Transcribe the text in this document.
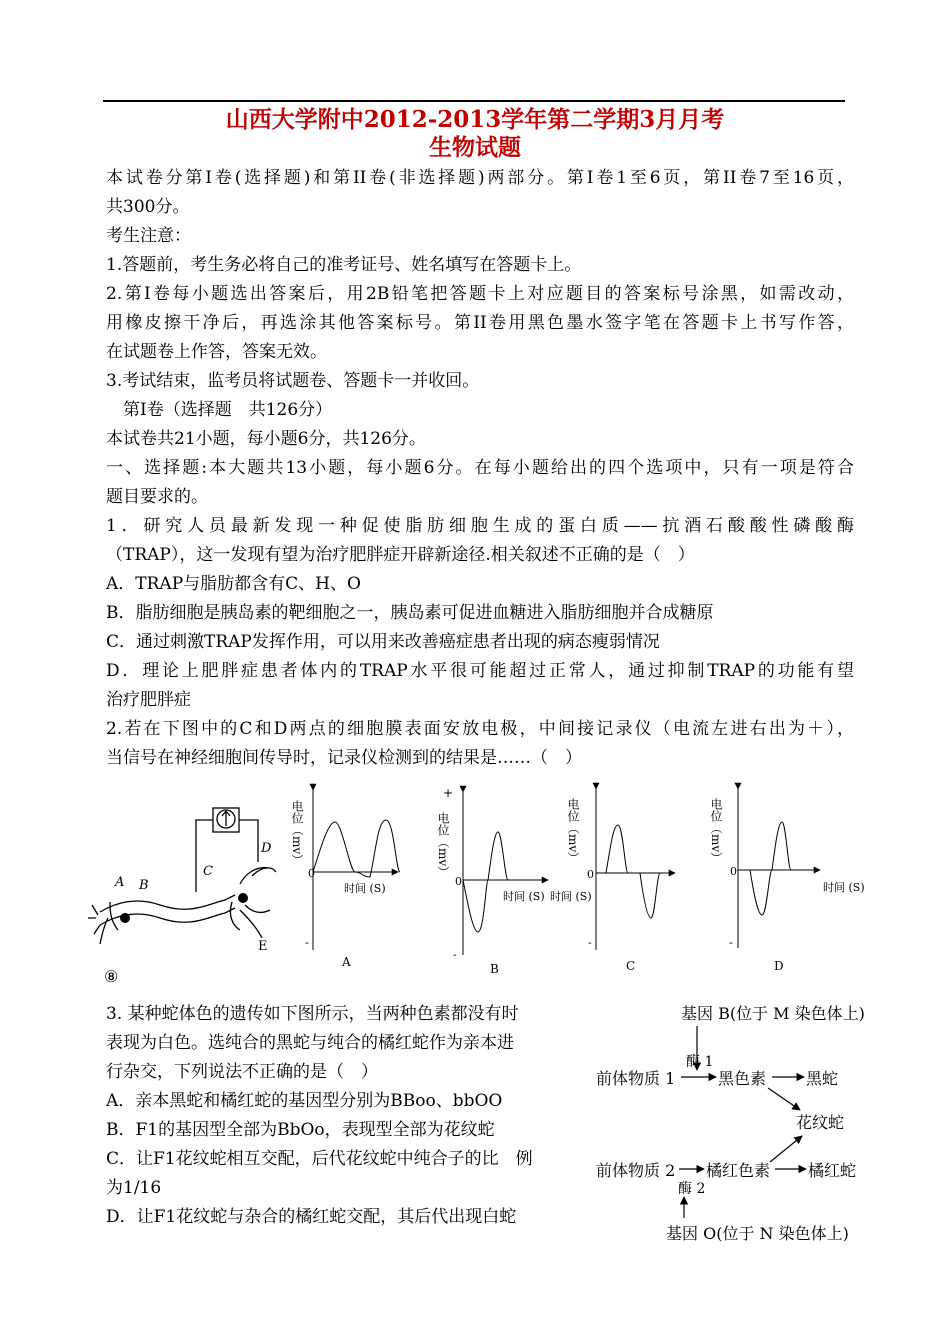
山西大学附中2012-2013学年第二学期3月月考
生物试题
本试卷分第I卷(选择题)和第II卷(非选择题)两部分。第I卷1至6页，第II卷7至16页，
共300分。
考生注意：
1.答题前，考生务必将自己的准考证号、姓名填写在答题卡上。
2.第I卷每小题选出答案后，用2B铅笔把答题卡上对应题目的答案标号涂黑，如需改动，
用橡皮擦干净后，再选涂其他答案标号。第II卷用黑色墨水签字笔在答题卡上书写作答，
在试题卷上作答，答案无效。
3.考试结束，监考员将试题卷、答题卡一并收回。
第I卷（选择题　共126分）
本试卷共21小题，每小题6分，共126分。
一、选择题:本大题共13小题，每小题6分。在每小题给出的四个选项中，只有一项是符合
题目要求的。
1．研究人员最新发现一种促使脂肪细胞生成的蛋白质——抗酒石酸酸性磷酸酶
（TRAP），这一发现有望为治疗肥胖症开辟新途径.相关叙述不正确的是（　）
A．TRAP与脂肪都含有C、H、O
B．脂肪细胞是胰岛素的靶细胞之一，胰岛素可促进血糖进入脂肪细胞并合成糖原
C．通过刺激TRAP发挥作用，可以用来改善癌症患者出现的病态瘦弱情况
D．理论上肥胖症患者体内的TRAP水平很可能超过正常人，通过抑制TRAP的功能有望
治疗肥胖症
2.若在下图中的C和D两点的细胞膜表面安放电极，中间接记录仪（电流左进右出为＋），
当信号在神经细胞间传导时，记录仪检测到的结果是……（　）
A B
C
D
E
⑧
电位（mv）
0
-
时间 (S)
A
+
电位（mv）
0
-
时间 (S)
B
电位（mv）
0
-
时间 (S)
C
电位（mv）
0
-
时间 (S)
D
3. 某种蛇体色的遗传如下图所示，当两种色素都没有时
表现为白色。选纯合的黑蛇与纯合的橘红蛇作为亲本进
行杂交，下列说法不正确的是（　）
A．亲本黑蛇和橘红蛇的基因型分别为BBoo、bbOO
B．F1的基因型全部为BbOo，表现型全部为花纹蛇
C．让F1花纹蛇相互交配，后代花纹蛇中纯合子的比　例
为1/16
D．让F1花纹蛇与杂合的橘红蛇交配，其后代出现白蛇
基因 B(位于 M 染色体上)
酶 1
前体物质 1	黑色素 黑蛇
花纹蛇
前体物质 2 橘红色素 橘红蛇
酶 2
基因 O(位于 N 染色体上)
